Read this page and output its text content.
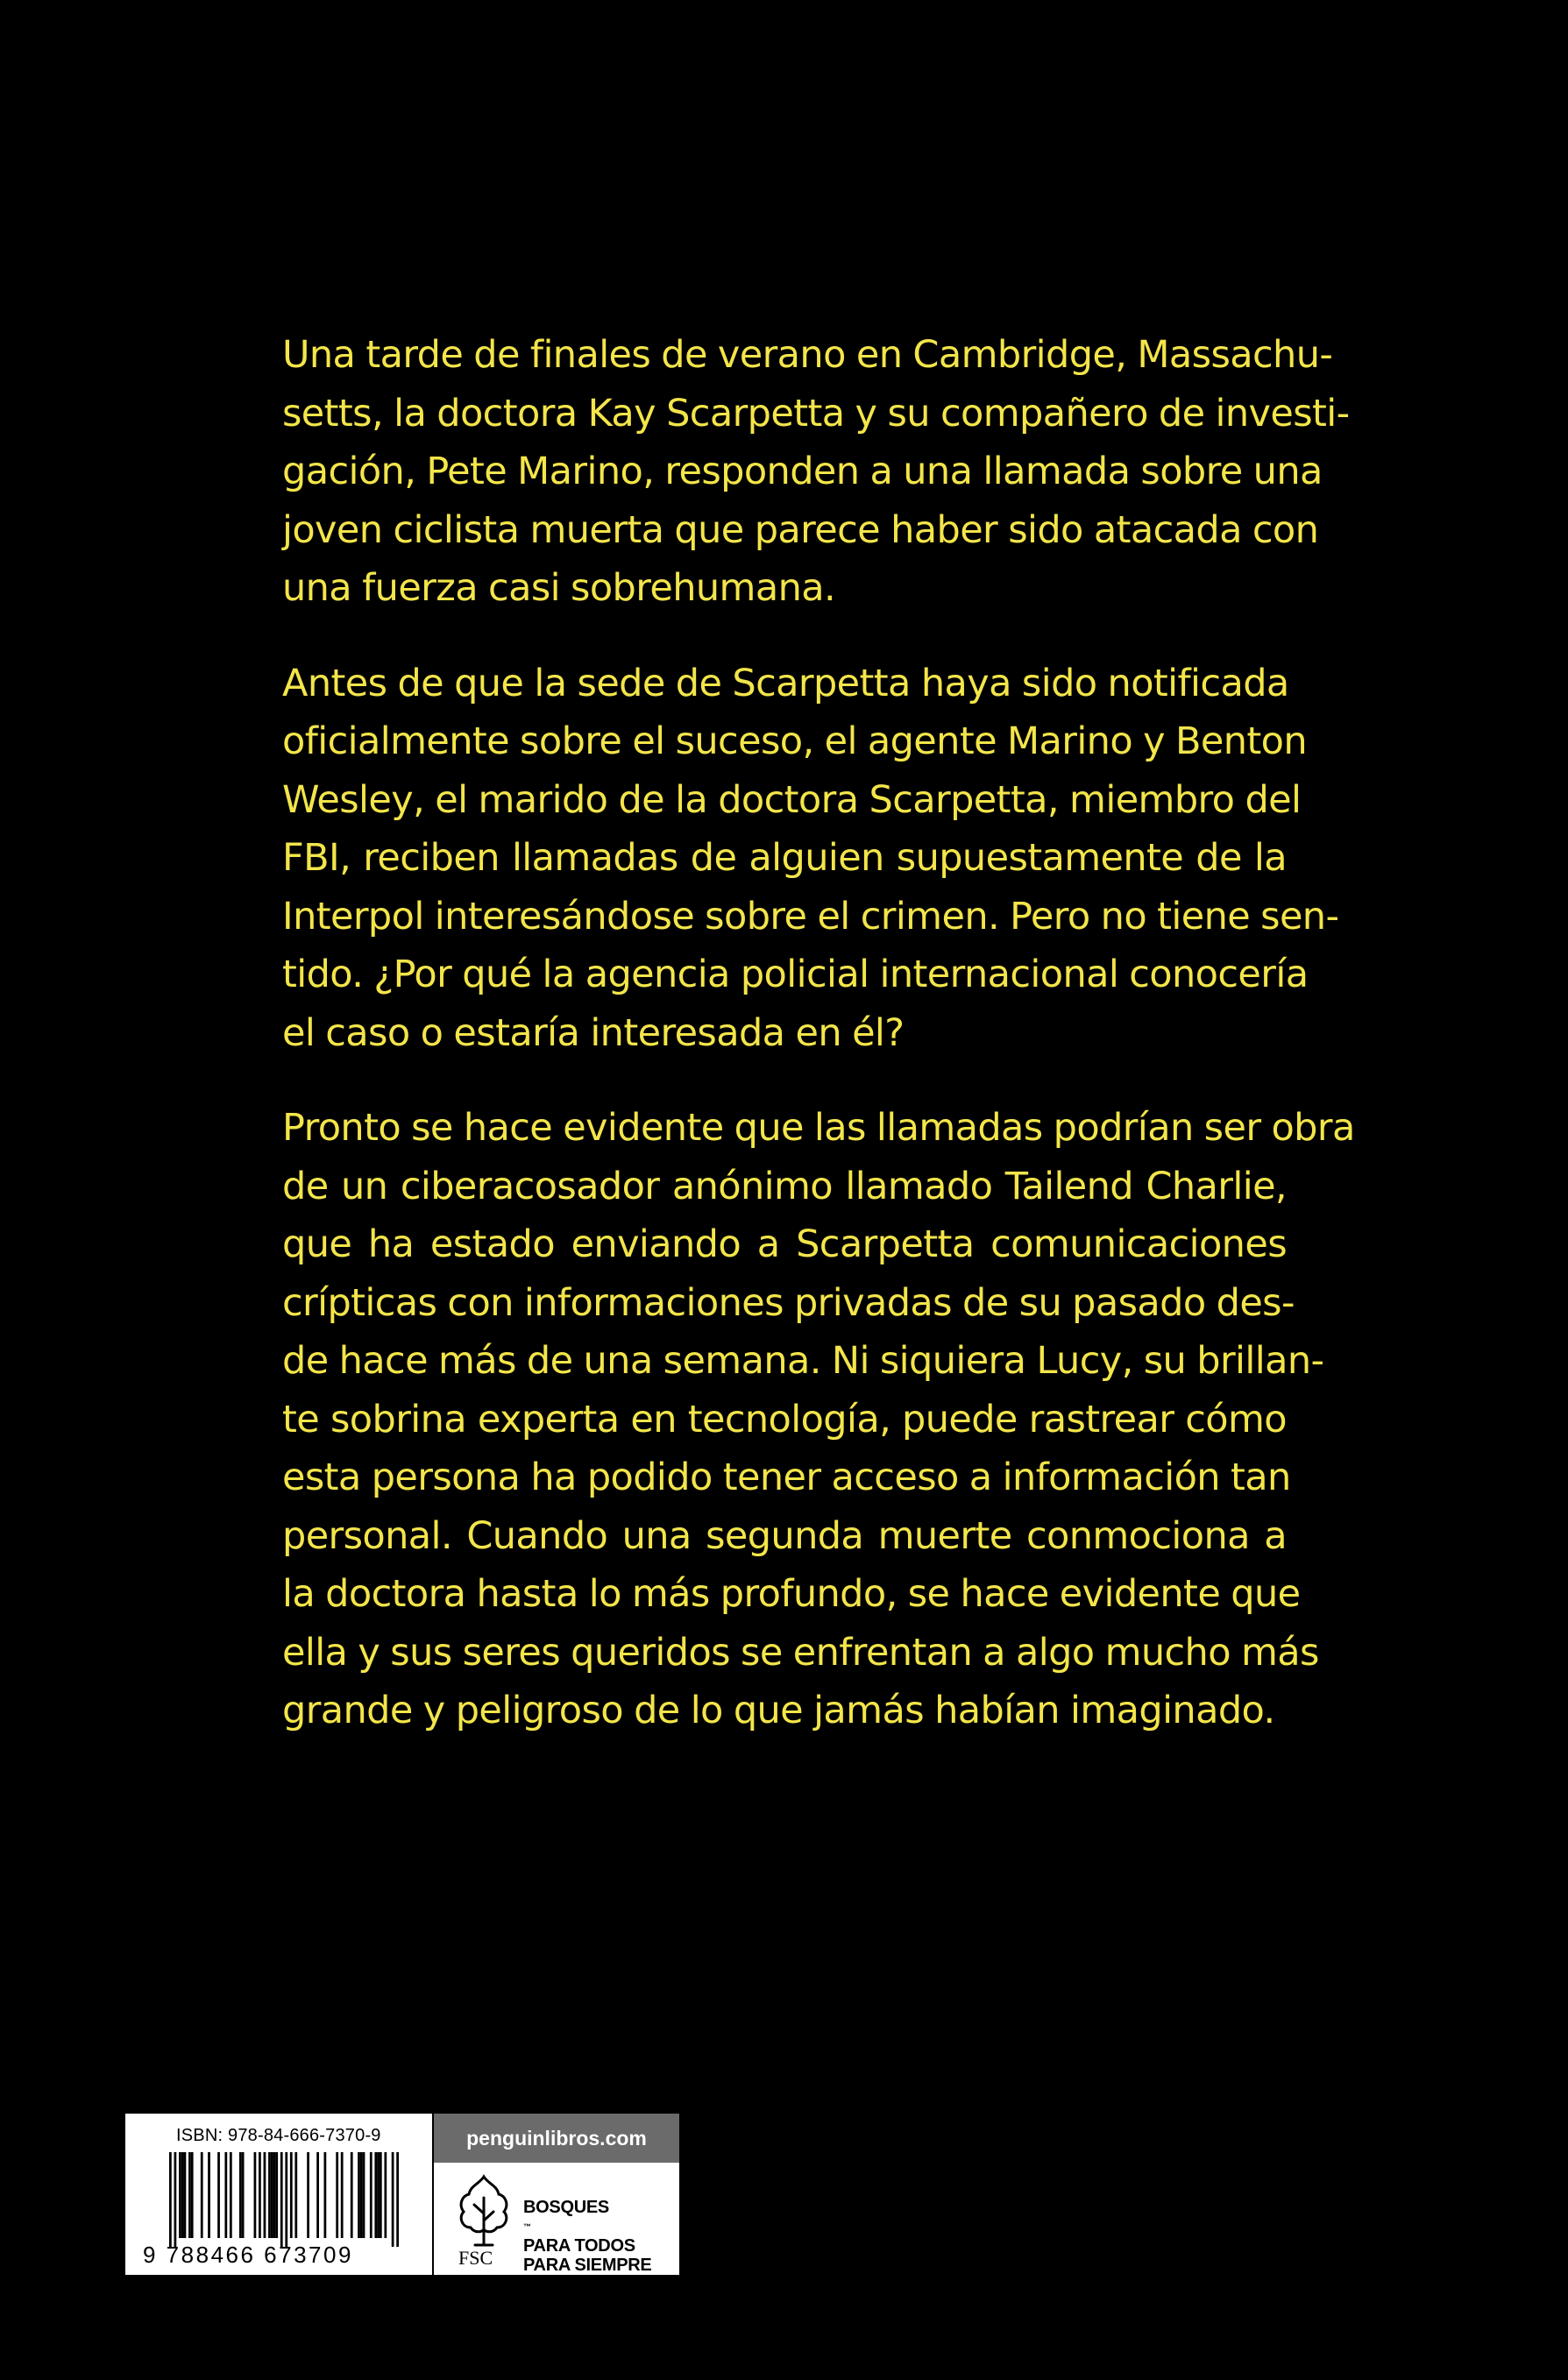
Una tarde de finales de verano en Cambridge, Massachu-
setts, la doctora Kay Scarpetta y su compañero de investi-
gación, Pete Marino, responden a una llamada sobre una
joven ciclista muerta que parece haber sido atacada con
una fuerza casi sobrehumana.

Antes de que la sede de Scarpetta haya sido notificada
oficialmente sobre el suceso, el agente Marino y Benton
Wesley, el marido de la doctora Scarpetta, miembro del
FBI, reciben llamadas de alguien supuestamente de la
Interpol interesándose sobre el crimen. Pero no tiene sen-
tido. ¿Por qué la agencia policial internacional conocería
el caso o estaría interesada en él?

Pronto se hace evidente que las llamadas podrían ser obra
de un ciberacosador anónimo llamado Tailend Charlie,
que ha estado enviando a Scarpetta comunicaciones
crípticas con informaciones privadas de su pasado des-
de hace más de una semana. Ni siquiera Lucy, su brillan-
te sobrina experta en tecnología, puede rastrear cómo
esta persona ha podido tener acceso a información tan
personal. Cuando una segunda muerte conmociona a
la doctora hasta lo más profundo, se hace evidente que
ella y sus seres queridos se enfrentan a algo mucho más
grande y peligroso de lo que jamás habían imaginado.

ISBN: 978-84-666-7370-9
9 788466 673709
penguinlibros.com
FSC
BOSQUES
™
PARA TODOS
PARA SIEMPRE
